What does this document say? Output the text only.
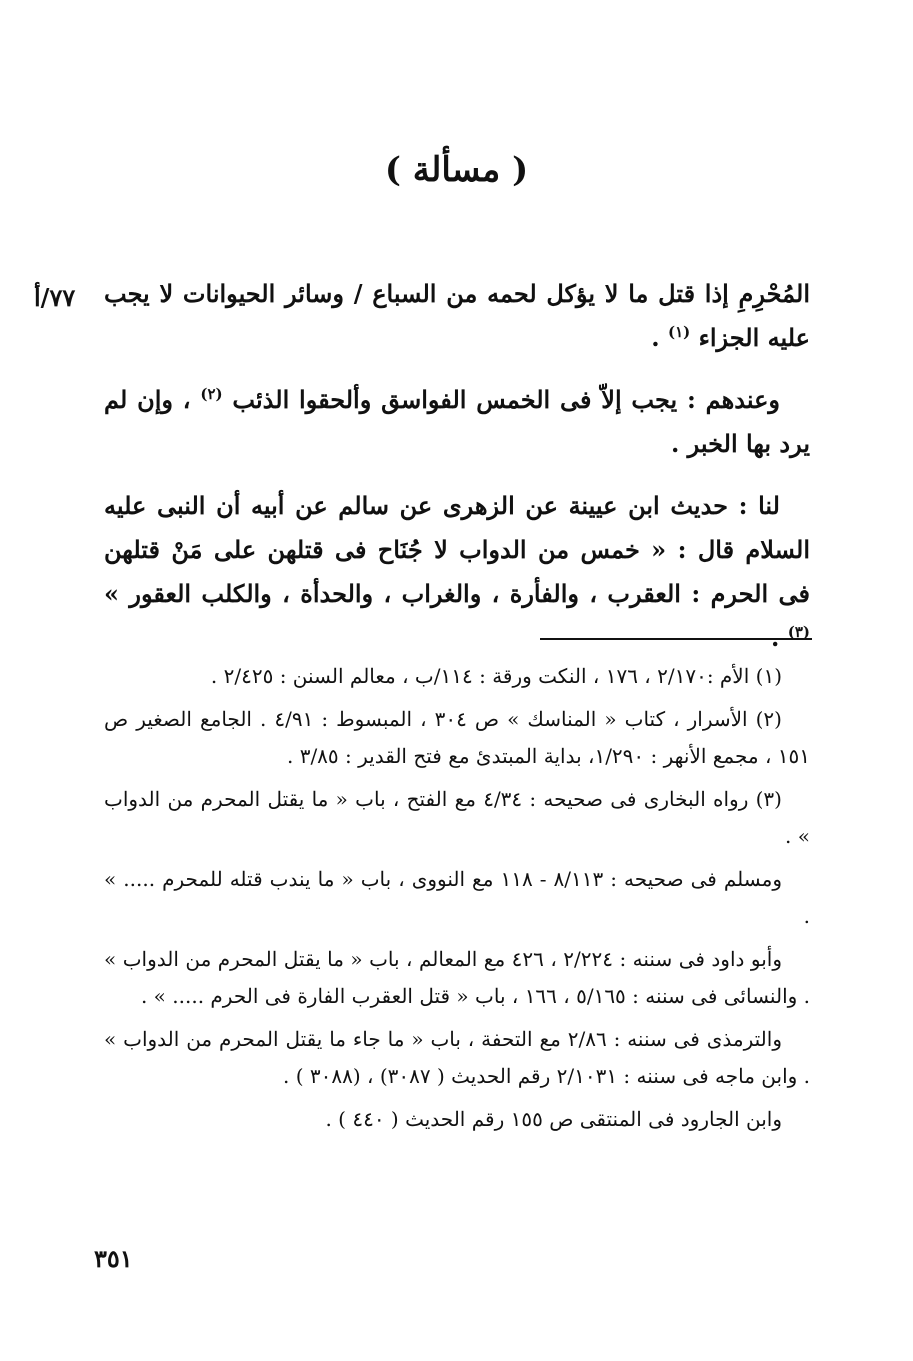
( مسألة )
٧٧/أ	المُحْرِمِ إذا قتل ما لا يؤكل لحمه من السباع / وسائر الحيوانات لا يجب عليه الجزاء $^{(١)}$ .

وعندهم : يجب إلاّ فى الخمس الفواسق وألحقوا الذئب $^{(٢)}$ ، وإن لم يرد بها الخبر .

لنا : حديث ابن عيينة عن الزهرى عن سالم عن أبيه أن النبى عليه السلام قال : « خمس من الدواب لا جُنَاح فى قتلهن على مَنْ قتلهن فى الحرم : العقرب ، والفأرة ، والغراب ، والحدأة ، والكلب العقور » $^{(٣)}$ .

(١) الأم :٢/١٧٠ ، ١٧٦ ، النكت ورقة : ١١٤/ب ، معالم السنن : ٢/٤٢٥ .

(٢) الأسرار ، كتاب « المناسك » ص ٣٠٤ ، المبسوط : ٤/٩١ . الجامع الصغير ص ١٥١ ، مجمع الأنهر : ١/٢٩٠، بداية المبتدئ مع فتح القدير : ٣/٨٥ .

(٣) رواه البخارى فى صحيحه : ٤/٣٤ مع الفتح ، باب « ما يقتل المحرم من الدواب » .

ومسلم فى صحيحه : ٨/١١٣ - ١١٨ مع النووى ، باب « ما يندب قتله للمحرم ..... » .

وأبو داود فى سننه : ٢/٢٢٤ ، ٤٢٦ مع المعالم ، باب « ما يقتل المحرم من الدواب » . والنسائى فى سننه : ٥/١٦٥ ، ١٦٦ ، باب « قتل العقرب الفارة فى الحرم ..... » .

والترمذى فى سننه : ٢/٨٦ مع التحفة ، باب « ما جاء ما يقتل المحرم من الدواب » . وابن ماجه فى سننه : ٢/١٠٣١ رقم الحديث ( ٣٠٨٧) ، (٣٠٨٨ ) .

وابن الجارود فى المنتقى ص ١٥٥ رقم الحديث ( ٤٤٠ ) .

٣٥١
